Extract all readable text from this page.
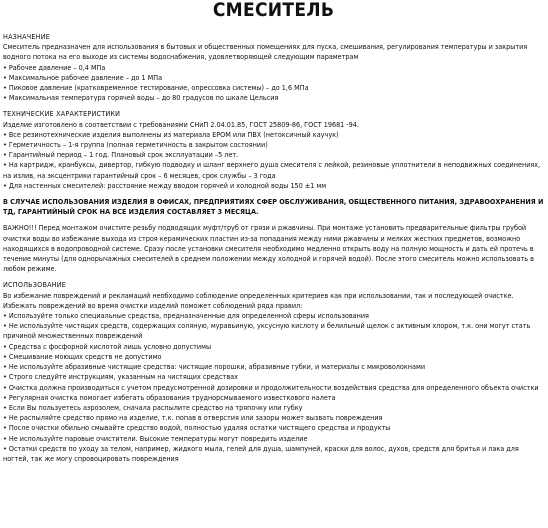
СМЕСИТЕЛЬ
НАЗНАЧЕНИЕ
Смеситель предназначен для использования в бытовых и общественных помещениях для пуска, смешивания, регулирования температуры и закрытия водного потока на его выходе из системы водоснабжения, удовлетворяющей следующим параметрам
• Рабочее давление – 0,4 МПа
• Максимальное рабочее давление – до 1 МПа
• Пиковое давление (кратковременное тестирование, опрессовка системы) – до 1,6 МПа
• Максимальная температура горячей воды – до 80 градусов по шкале Цельсия
ТЕХНИЧЕСКИЕ ХАРАКТЕРИСТИКИ
Изделие изготовлено в соответствии с требованиями СНиП 2.04.01.85, ГОСТ 25809-86, ГОСТ 19681 -94.
• Все резинотехнические изделия выполнены из материала EPOM или ПВХ (нетоксичный каучук)
• Герметичность – 1-я группа (полная герметичность в закрытом состоянии)
• Гарантийный период – 1 год. Плановый срок эксплуатации –5 лет.
• На картридж, кранбуксы, дивертор, гибкую подводку и шланг верхнего душа смесителя с лейкой, резиновые уплотнители в неподвижных соединениях, на излив, на эксцентрики гарантийный срок – 6 месяцев, срок службы – 3 года
• Для настенных смесителей: расстояние между вводом горячей и холодной воды 150 ±1 мм
В СЛУЧАЕ ИСПОЛЬЗОВАНИЯ ИЗДЕЛИЯ В ОФИСАХ, ПРЕДПРИЯТИЯХ СФЕР ОБСЛУЖИВАНИЯ, ОБЩЕСТВЕННОГО ПИТАНИЯ, ЗДРАВООХРАНЕНИЯ И ТД, ГАРАНТИЙНЫЙ СРОК НА ВСЕ ИЗДЕЛИЯ СОСТАВЛЯЕТ 3 МЕСЯЦА.
ВАЖНО!!! Перед монтажом очистите резьбу подводящих муфт/труб от грязи и ржавчины. При монтаже установить предварительные фильтры грубой очистки воды во избежание выхода из строя керамических пластин из-за попадания между ними ржавчины и мелких жестких предметов, возможно находящихся в водопроводной системе. Сразу после установки смесителя необходимо медленно открыть воду на полную мощность и дать ей протечь в течение минуты (для однорычажных смесителей в среднем положении между холодной и горячей водой). После этого смеситель можно использовать в любом режиме.
ИСПОЛЬЗОВАНИЕ
Во избежание повреждений и рекламаций необходимо соблюдение определенных критериев как при использовании, так и последующей очистке. Избежать повреждений во время очистки изделий поможет соблюдений ряда правил:
• Используйте только специальные средства, предназначенные для определенной сферы использования
• Не используйте чистящих средств, содержащих соляную, муравьиную, уксусную кислоту и белильный щелок с активным хлором, т.к. они могут стать причиной множественных повреждений
• Средства с фосфорной кислотой лишь условно допустимы
• Смешивание моющих средств не допустимо
• Не используйте абразивные чистящие средства: чистящие порошки, абразивные губки, и материалы с микроволокнами
• Строго следуйте инструкциям, указанным на чистящих средствах
• Очистка должна производиться с учетом предусмотренной дозировки и продолжительности воздействия средства для определенного объекта очистки
• Регулярная очистка помогает избегать образования труднорсмываемого известкового налета
• Если Вы пользуетесь аэрозолем, сначала распылите средство на тряпочку или губку
• Не распыляйте средство прямо на изделие, т.к. попав в отверстия или зазоры может вызвать повреждения
• После очистки обильно смывайте средство водой, полностью удаляя остатки чистящего средства и продукты
• Не используйте паровые очистители. Высокие температуры могут повредить изделие
• Остатки средств по уходу за телом, например, жидкого мыла, гелей для душа, шампуней, краски для волос, духов, средств для бритья и лака для ногтей, так же могу спровоцировать повреждения
